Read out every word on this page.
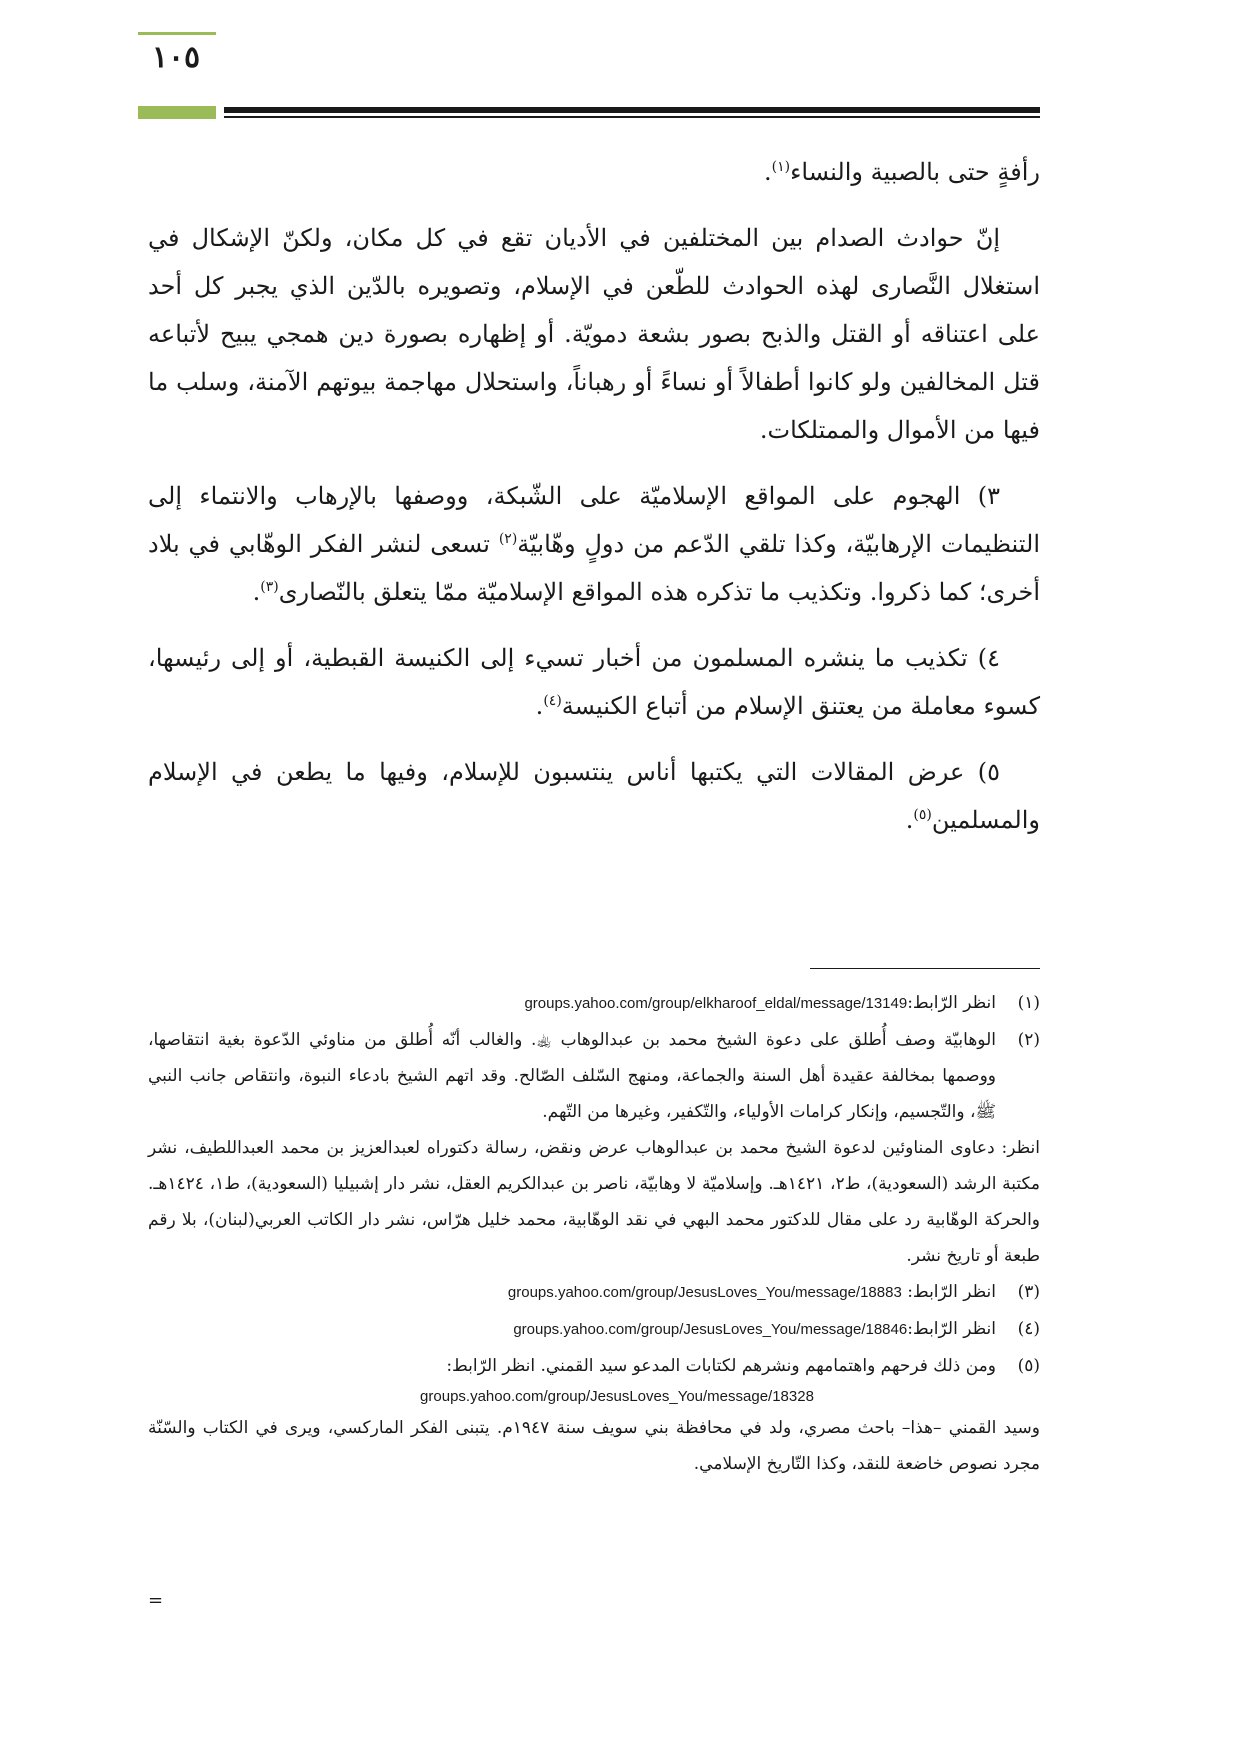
١٠٥

رأفةٍ حتى بالصبية والنساء$^{(١)}$.

إنّ حوادث الصدام بين المختلفين في الأديان تقع في كل مكان، ولكنّ الإشكال في استغلال النَّصارى لهذه الحوادث للطّعن في الإسلام، وتصويره بالدّين الذي يجبر كل أحد على اعتناقه أو القتل والذبح بصور بشعة دمويّة. أو إظهاره بصورة دين همجي يبيح لأتباعه قتل المخالفين ولو كانوا أطفالاً أو نساءً أو رهباناً، واستحلال مهاجمة بيوتهم الآمنة، وسلب ما فيها من الأموال والممتلكات.

٣) الهجوم على المواقع الإسلاميّة على الشّبكة، ووصفها بالإرهاب والانتماء إلى التنظيمات الإرهابيّة، وكذا تلقي الدّعم من دولٍ وهّابيّة$^{(٢)}$ تسعى لنشر الفكر الوهّابي في بلاد أخرى؛ كما ذكروا. وتكذيب ما تذكره هذه المواقع الإسلاميّة ممّا يتعلق بالنّصارى$^{(٣)}$.

٤) تكذيب ما ينشره المسلمون من أخبار تسيء إلى الكنيسة القبطية، أو إلى رئيسها، كسوء معاملة من يعتنق الإسلام من أتباع الكنيسة$^{(٤)}$.

٥) عرض المقالات التي يكتبها أناس ينتسبون للإسلام، وفيها ما يطعن في الإسلام والمسلمين$^{(٥)}$.

(١)
انظر الرّابط:groups.yahoo.com/group/elkharoof_eldal/message/13149
(٢)

الوهابيّة وصف أُطلق على دعوة الشيخ محمد بن عبدالوهاب ﵀. والغالب أنّه أُطلق من مناوئي الدّعوة بغية انتقاصها، ووصمها بمخالفة عقيدة أهل السنة والجماعة، ومنهج السّلف الصّالح. وقد اتهم الشيخ بادعاء النبوة، وانتقاص جانب النبي ﷺ، والتّجسيم، وإنكار كرامات الأولياء، والتّكفير، وغيرها من التّهم.

انظر: دعاوى المناوئين لدعوة الشيخ محمد بن عبدالوهاب عرض ونقض، رسالة دكتوراه لعبدالعزيز بن محمد العبداللطيف، نشر مكتبة الرشد (السعودية)، ط٢، ١٤٢١هـ. وإسلاميّة لا وهابيّة، ناصر بن عبدالكريم العقل، نشر دار إشبيليا (السعودية)، ط١، ١٤٢٤هـ. والحركة الوهّابية رد على مقال للدكتور محمد البهي في نقد الوهّابية، محمد خليل هرّاس، نشر دار الكاتب العربي(لبنان)، بلا رقم طبعة أو تاريخ نشر.

(٣)
انظر الرّابط: groups.yahoo.com/group/JesusLoves_You/message/18883
(٤)
انظر الرّابط:groups.yahoo.com/group/JesusLoves_You/message/18846
(٥)

ومن ذلك فرحهم واهتمامهم ونشرهم لكتابات المدعو سيد القمني. انظر الرّابط:

groups.yahoo.com/group/JesusLoves_You/message/18328

وسيد القمني –هذا– باحث مصري، ولد في محافظة بني سويف سنة ١٩٤٧م. يتبنى الفكر الماركسي، ويرى في الكتاب والسّنّة مجرد نصوص خاضعة للنقد، وكذا التّاريخ الإسلامي.

=
